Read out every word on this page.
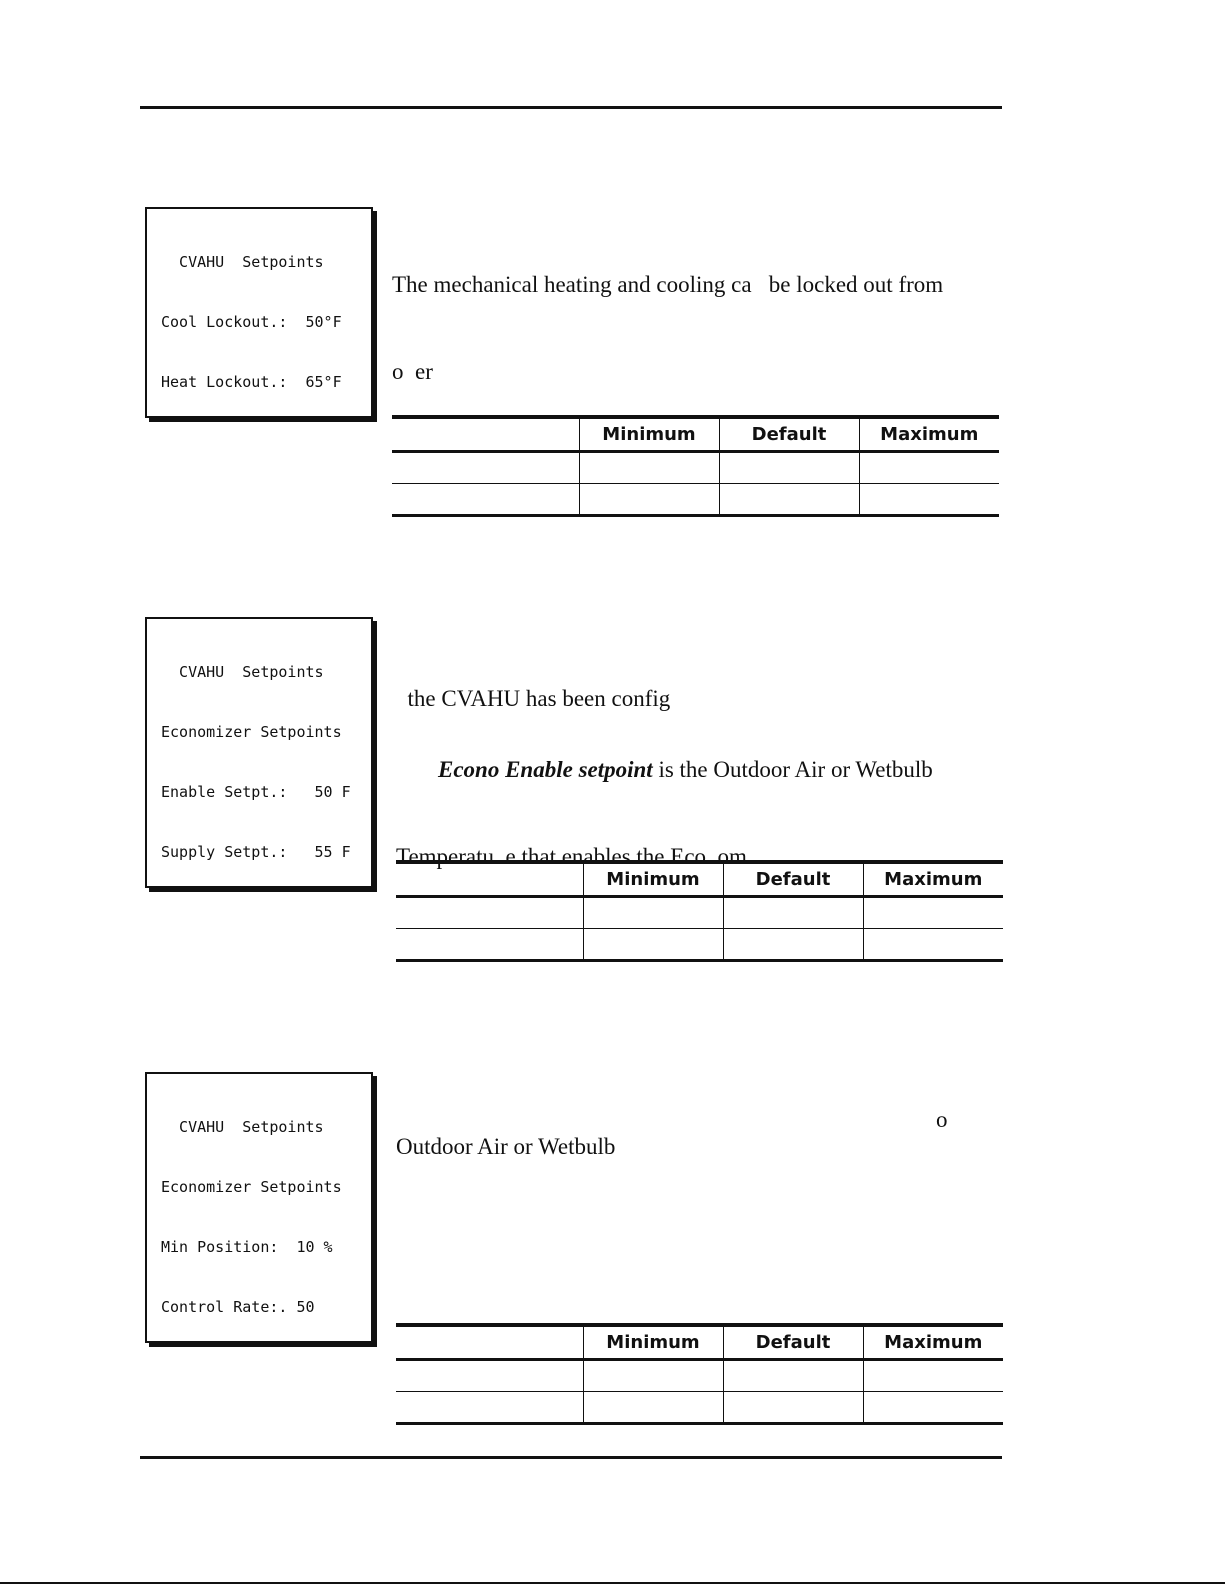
CVAHU  Setpoints

Cool Lockout.:  50°F

Heat Lockout.:  65°F

The mechanical heating and cooling ca   be locked out from

o  er

	Minimum	Default	Maximum

CVAHU  Setpoints

Economizer Setpoints

Enable Setpt.:   50 F

Supply Setpt.:   55 F

the CVAHU has been config

Econo Enable setpoint is the Outdoor Air or Wetbulb

Temperatu  e that enables the Eco  om

	Minimum	Default	Maximum

CVAHU  Setpoints

Economizer Setpoints

Min Position:  10 %

Control Rate:. 50

o
Outdoor Air or Wetbulb
	Minimum	Default	Maximum
